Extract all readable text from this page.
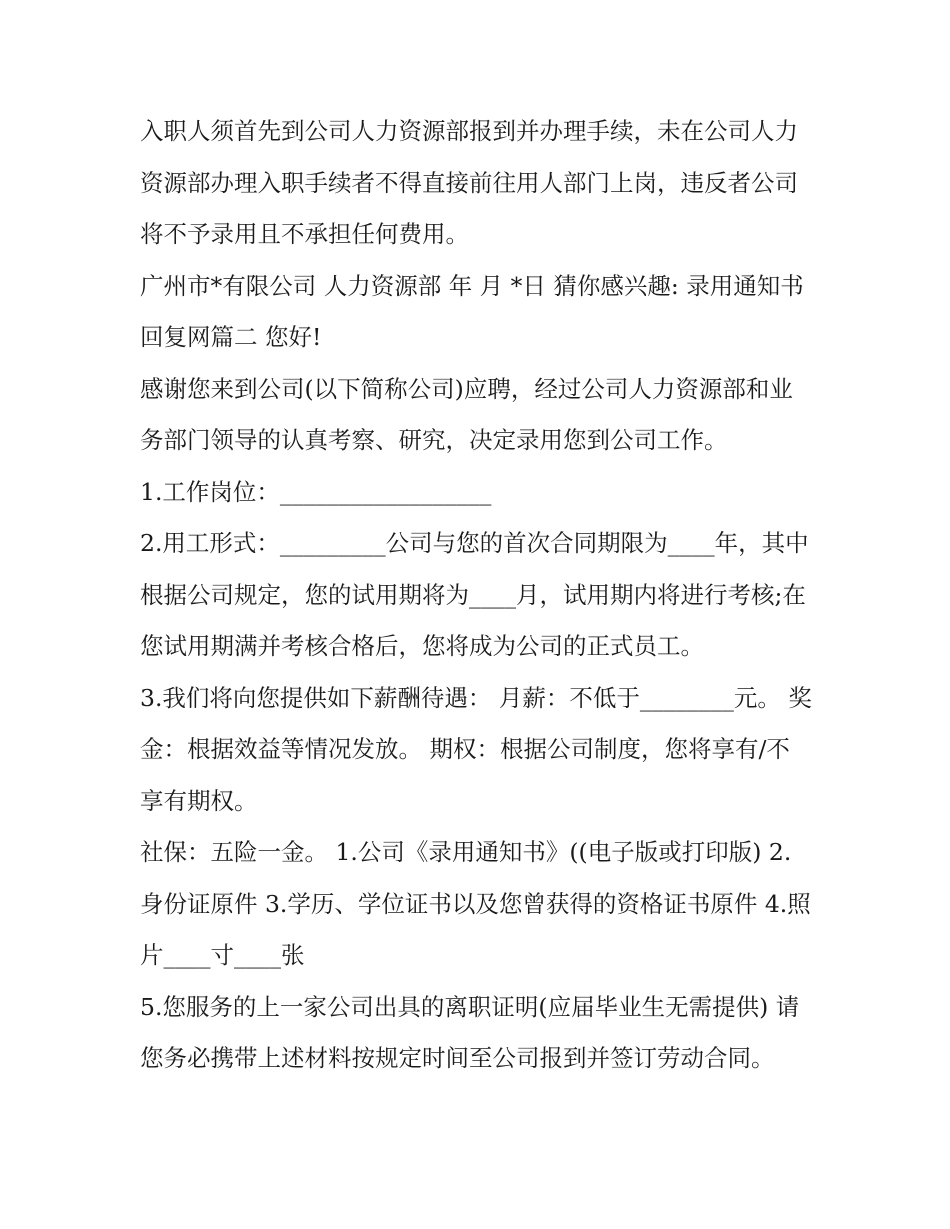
入职人须首先到公司人力资源部报到并办理手续，未在公司人力资源部办理入职手续者不得直接前往用人部门上岗，违反者公司将不予录用且不承担任何费用。

广州市*有限公司 人力资源部 年 月 *日 猜你感兴趣: 录用通知书回复网篇二 您好!

感谢您来到公司(以下简称公司)应聘，经过公司人力资源部和业务部门领导的认真考察、研究，决定录用您到公司工作。

1.工作岗位：__________________

2.用工形式：_________公司与您的首次合同期限为____年，其中根据公司规定，您的试用期将为____月，试用期内将进行考核;在您试用期满并考核合格后，您将成为公司的正式员工。

3.我们将向您提供如下薪酬待遇： 月薪：不低于________元。 奖金：根据效益等情况发放。 期权：根据公司制度，您将享有/不享有期权。

社保：五险一金。 1.公司《录用通知书》((电子版或打印版) 2.身份证原件 3.学历、学位证书以及您曾获得的资格证书原件 4.照片____寸____张

5.您服务的上一家公司出具的离职证明(应届毕业生无需提供) 请您务必携带上述材料按规定时间至公司报到并签订劳动合同。
